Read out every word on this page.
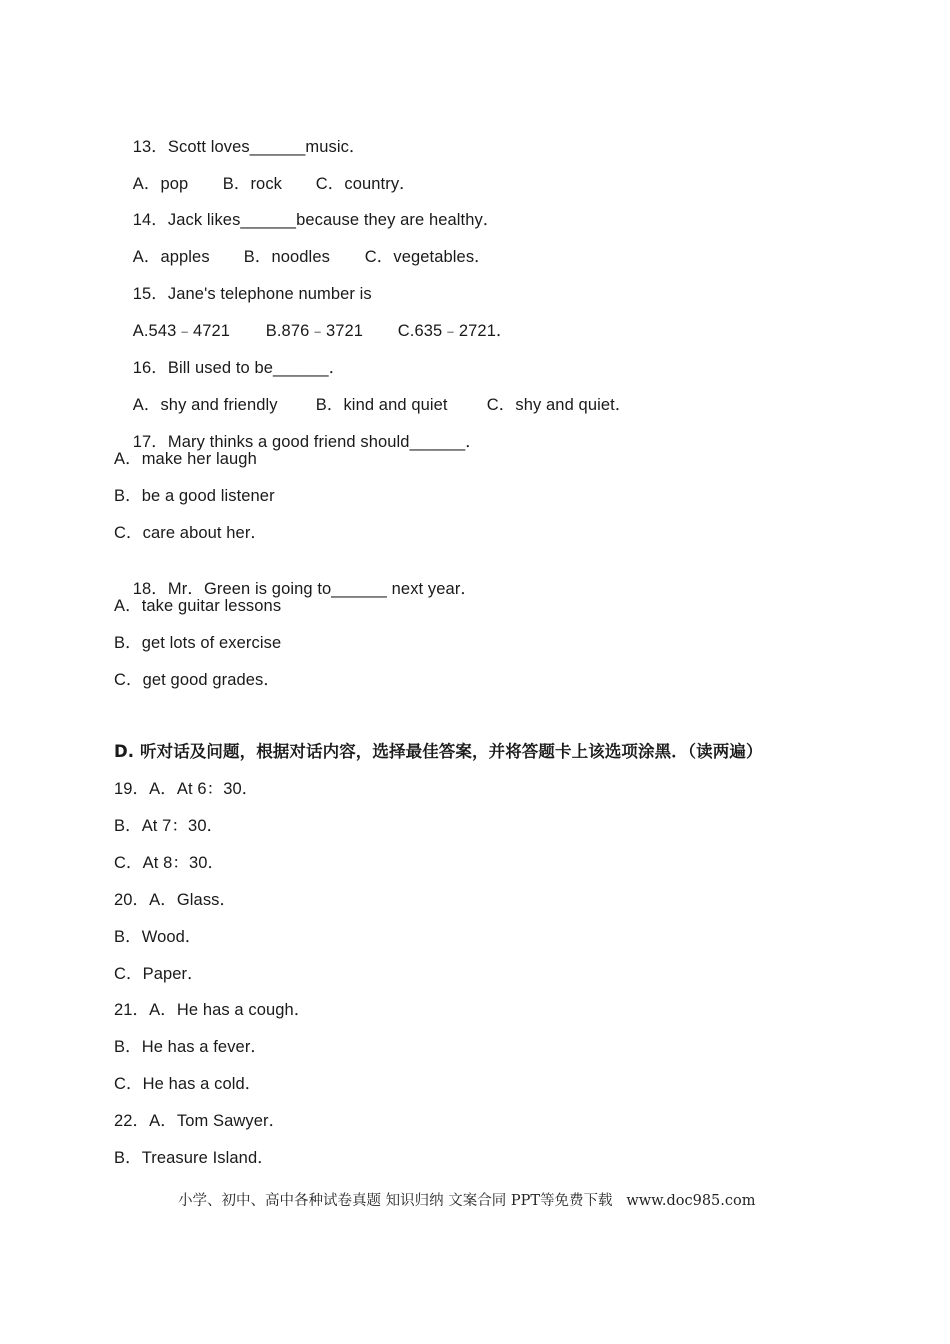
13．Scott loves______music．

A．pop B．rock C．country．

14．Jack likes______because they are healthy．

A．apples B．noodles C．vegetables．

15．Jane's telephone number is

A.543﹣4721 B.876﹣3721 C.635﹣2721．

16．Bill used to be______．

A．shy and friendly B．kind and quiet C．shy and quiet．

17．Mary thinks a good friend should______．

A．make her laugh
B．be a good listener
C．care about her．

18．Mr．Green is going to______ next year．

A．take guitar lessons
B．get lots of exercise
C．get good grades．
D. 听对话及问题，根据对话内容，选择最佳答案，并将答题卡上该选项涂黑．（读两遍）
19．A．At 6：30．
B．At 7：30．
C．At 8：30．
20．A．Glass．
B．Wood．
C．Paper．
21．A．He has a cough．
B．He has a fever．
C．He has a cold．
22．A．Tom Sawyer．
B．Treasure Island．
小学、初中、高中各种试卷真题 知识归纳 文案合同 PPT等免费下载   www.doc985.com
